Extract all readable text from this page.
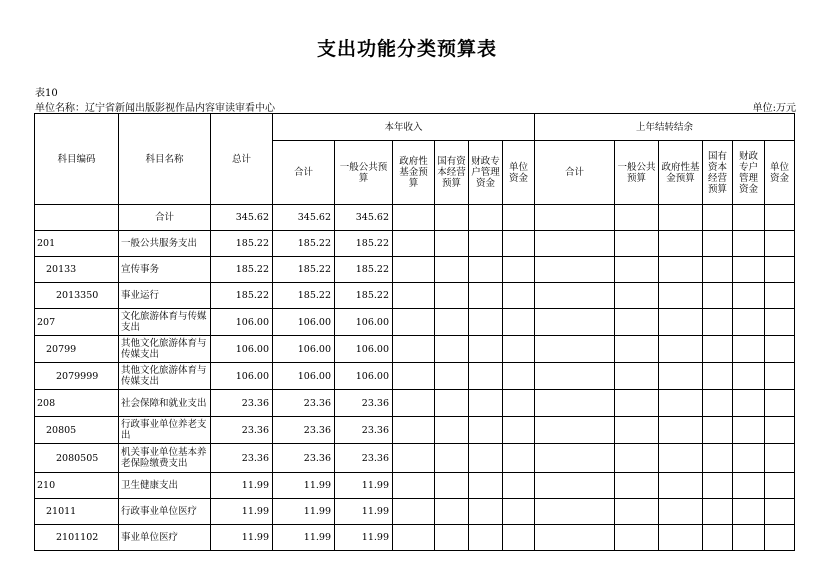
支出功能分类预算表
表10
单位名称：辽宁省新闻出版影视作品内容审读审看中心	单位:万元
科目编码	科目名称	总计	本年收入						上年结转结余					
			合计	一般公共预算	政府性基金预算	国有资本经营预算	财政专户管理资金	单位资金	合计	一般公共预算	政府性基金预算	国有资本经营预算	财政专户管理资金	单位资金

	合计	345.62	345.62	345.62										
201	一般公共服务支出	185.22	185.22	185.22										
20133	宣传事务	185.22	185.22	185.22										
2013350	事业运行	185.22	185.22	185.22										
207	文化旅游体育与传媒支出	106.00	106.00	106.00										
20799	其他文化旅游体育与传媒支出	106.00	106.00	106.00										
2079999	其他文化旅游体育与传媒支出	106.00	106.00	106.00										
208	社会保障和就业支出	23.36	23.36	23.36										
20805	行政事业单位养老支出	23.36	23.36	23.36										
2080505	机关事业单位基本养老保险缴费支出	23.36	23.36	23.36										
210	卫生健康支出	11.99	11.99	11.99										
21011	行政事业单位医疗	11.99	11.99	11.99										
2101102	事业单位医疗	11.99	11.99	11.99										
